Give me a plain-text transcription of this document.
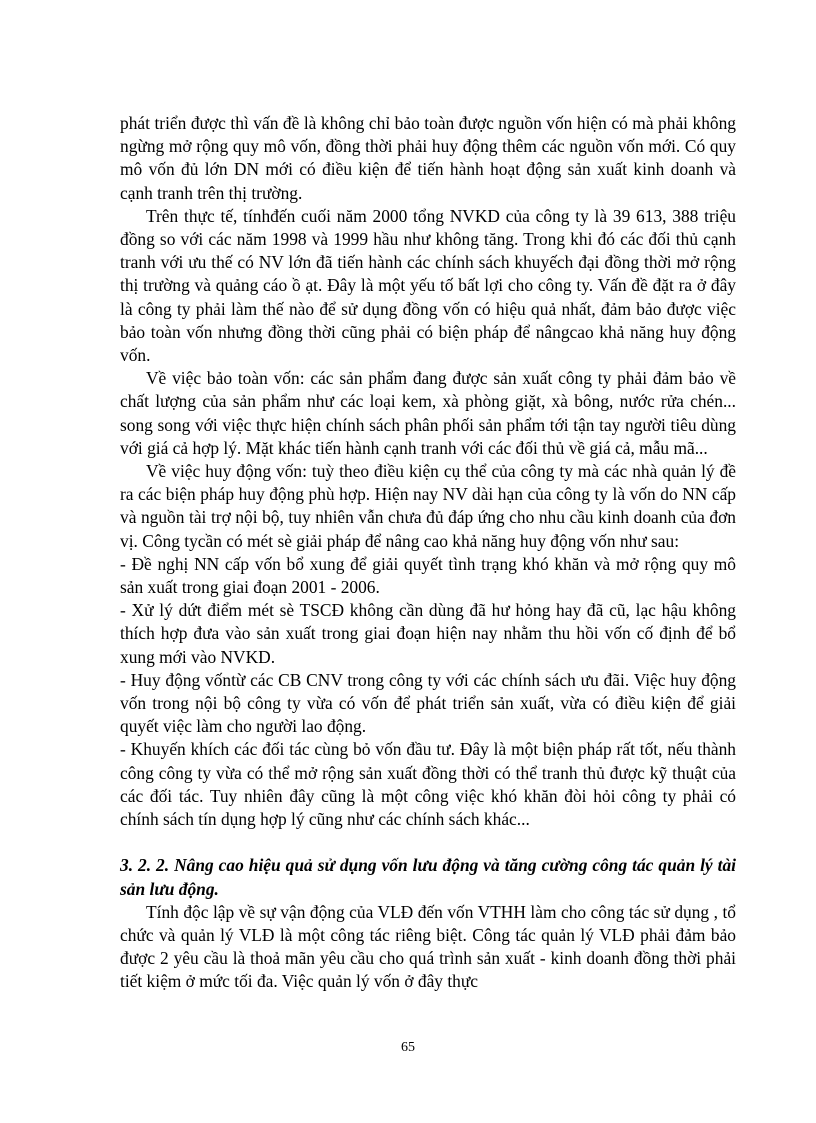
phát triển được thì vấn đề là không chỉ bảo toàn được nguồn vốn hiện có mà phải không ngừng mở rộng quy mô vốn, đồng thời phải huy động thêm các nguồn vốn mới. Có quy mô vốn đủ lớn DN mới có điều kiện để tiến hành hoạt động sản xuất kinh doanh và cạnh tranh trên thị trường.

Trên thực tế, tínhđến cuối năm 2000 tổng NVKD của công ty là 39 613, 388 triệu đồng so với các năm 1998 và 1999 hầu như không tăng. Trong khi đó các đối thủ cạnh tranh với ưu thế có NV lớn đã tiến hành các chính sách khuyếch đại đồng thời mở rộng thị trường và quảng cáo ồ ạt. Đây là một yếu tố bất lợi cho công ty. Vấn đề đặt ra ở đây là công ty phải làm thế nào để sử dụng đồng vốn có hiệu quả nhất, đảm bảo được việc bảo toàn vốn nhưng đồng thời cũng phải có biện pháp để nângcao khả năng huy động vốn.

Về việc bảo toàn vốn: các sản phẩm đang được sản xuất công ty phải đảm bảo về chất lượng của sản phẩm như các loại kem, xà phòng giặt, xà bông, nước rửa chén... song song với việc thực hiện chính sách phân phối sản phẩm tới tận tay người tiêu dùng với giá cả hợp lý. Mặt khác tiến hành cạnh tranh với các đối thủ về giá cả, mẫu mã...

Về việc huy động vốn: tuỳ theo điều kiện cụ thể của công ty mà các nhà quản lý đề ra các biện pháp huy động phù hợp. Hiện nay NV dài hạn của công ty là vốn do NN cấp và nguồn tài trợ nội bộ, tuy nhiên vẫn chưa đủ đáp ứng cho nhu cầu kinh doanh của đơn vị. Công tycần có mét sè giải pháp để nâng cao khả năng huy động vốn như sau:

- Đề nghị NN cấp vốn bổ xung để giải quyết tình trạng khó khăn và mở rộng quy mô sản xuất trong giai đoạn 2001 - 2006.

- Xử lý dứt điểm mét sè TSCĐ không cần dùng đã hư hỏng hay đã cũ, lạc hậu không thích hợp đưa vào sản xuất trong giai đoạn hiện nay nhằm thu hồi vốn cố định để bổ xung mới vào NVKD.

- Huy động vốntừ các CB CNV trong công ty với các chính sách ưu đãi. Việc huy động vốn trong nội bộ công ty vừa có vốn để phát triển sản xuất, vừa có điều kiện để giải quyết việc làm cho người lao động.

- Khuyến khích các đối tác cùng bỏ vốn đầu tư. Đây là một biện pháp rất tốt, nếu thành công công ty vừa có thể mở rộng sản xuất đồng thời có thể tranh thủ được kỹ thuật của các đối tác. Tuy nhiên đây cũng là một công việc khó khăn đòi hỏi công ty phải có chính sách tín dụng hợp lý cũng như các chính sách khác...

3. 2. 2. Nâng cao hiệu quả sử dụng vốn lưu động và tăng cường công tác quản lý tài sản lưu động.

Tính độc lập về sự vận động của VLĐ đến vốn VTHH làm cho công tác sử dụng , tổ chức và quản lý VLĐ là một công tác riêng biệt. Công tác quản lý VLĐ phải đảm bảo được 2 yêu cầu là thoả mãn yêu cầu cho quá trình sản xuất - kinh doanh đồng thời phải tiết kiệm ở mức tối đa. Việc quản lý vốn ở đây thực

65
